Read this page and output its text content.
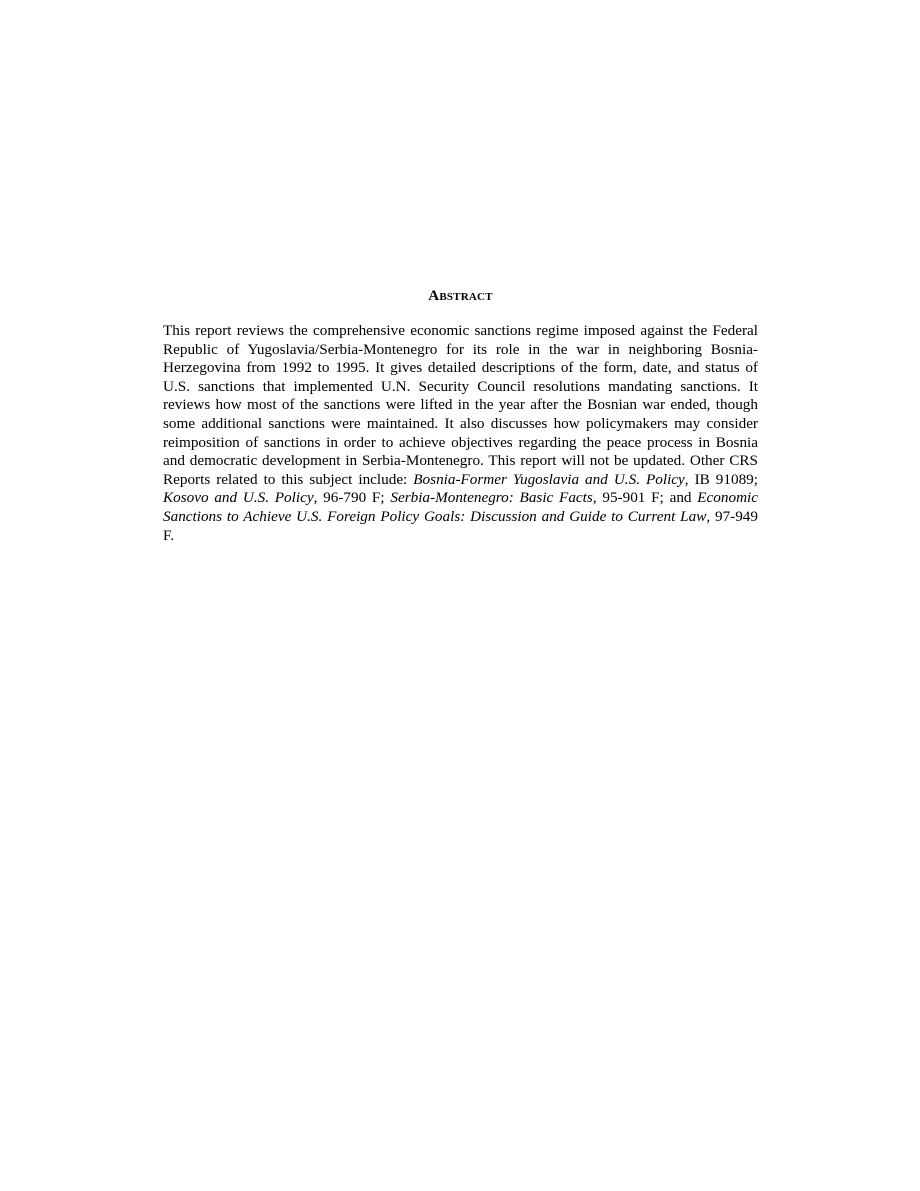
Abstract

This report reviews the comprehensive economic sanctions regime imposed against the Federal Republic of Yugoslavia/Serbia-Montenegro for its role in the war in neighboring Bosnia-Herzegovina from 1992 to 1995. It gives detailed descriptions of the form, date, and status of U.S. sanctions that implemented U.N. Security Council resolutions mandating sanctions. It reviews how most of the sanctions were lifted in the year after the Bosnian war ended, though some additional sanctions were maintained. It also discusses how policymakers may consider reimposition of sanctions in order to achieve objectives regarding the peace process in Bosnia and democratic development in Serbia-Montenegro. This report will not be updated. Other CRS Reports related to this subject include: Bosnia-Former Yugoslavia and U.S. Policy, IB 91089; Kosovo and U.S. Policy, 96-790 F; Serbia-Montenegro: Basic Facts, 95-901 F; and Economic Sanctions to Achieve U.S. Foreign Policy Goals: Discussion and Guide to Current Law, 97-949 F.
